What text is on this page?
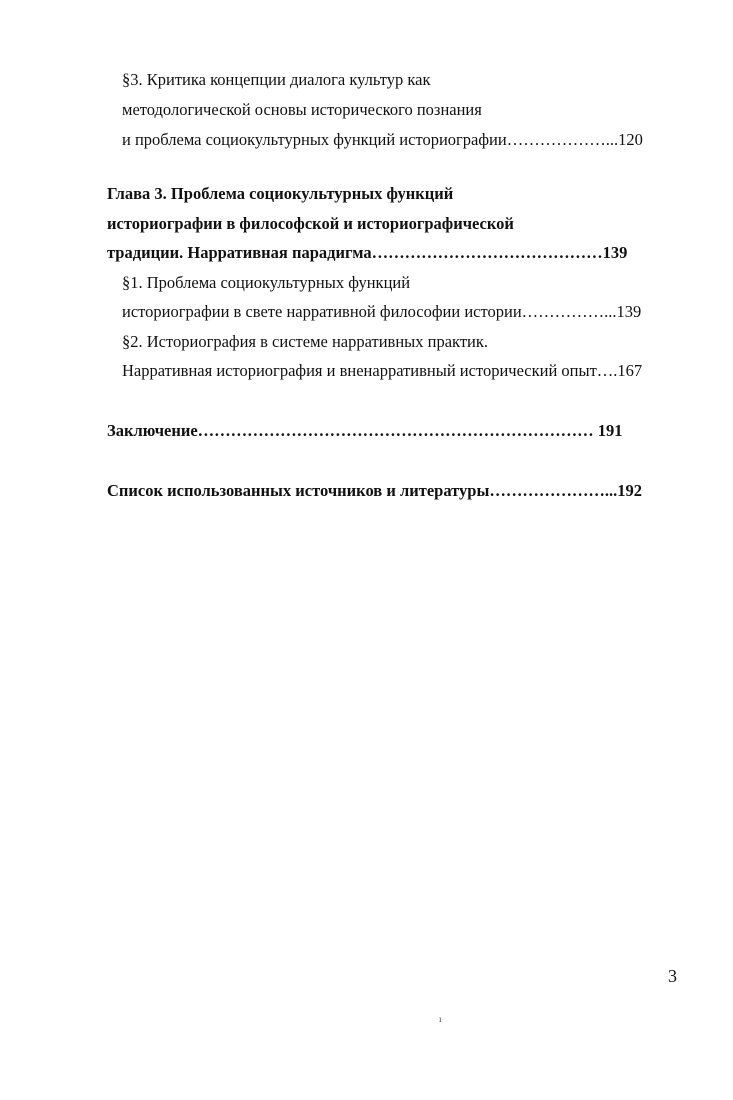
§3. Критика концепции диалога культур как
методологической основы исторического познания
и проблема социокультурных функций историографии………………...120
Глава 3. Проблема социокультурных функций
историографии в философской и историографической
традиции. Нарративная парадигма……………………………………139
§1. Проблема социокультурных функций
историографии в свете нарративной философии истории……………...139
§2. Историография в системе нарративных практик.
Нарративная историография и вненарративный исторический опыт….167
Заключение……………………………………………………………… 191
Список использованных источников и литературы…………………...192
3
ı
